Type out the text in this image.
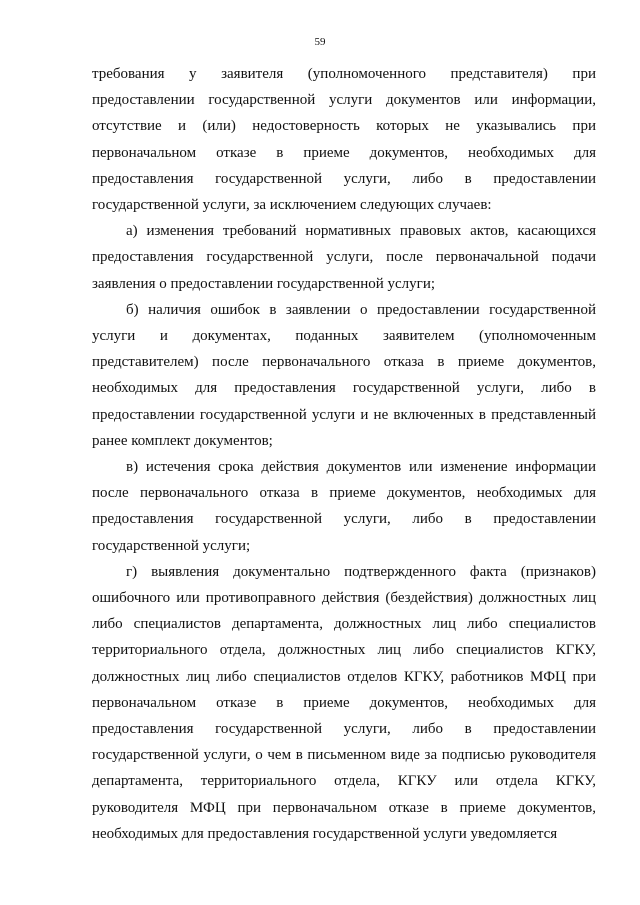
59

требования у заявителя (уполномоченного представителя) при предоставлении государственной услуги документов или информации, отсутствие и (или) недостоверность которых не указывались при первоначальном отказе в приеме документов, необходимых для предоставления государственной услуги, либо в предоставлении государственной услуги, за исключением следующих случаев:

а) изменения требований нормативных правовых актов, касающихся предоставления государственной услуги, после первоначальной подачи заявления о предоставлении государственной услуги;

б) наличия ошибок в заявлении о предоставлении государственной услуги и документах, поданных заявителем (уполномоченным представителем) после первоначального отказа в приеме документов, необходимых для предоставления государственной услуги, либо в предоставлении государственной услуги и не включенных в представленный ранее комплект документов;

в) истечения срока действия документов или изменение информации после первоначального отказа в приеме документов, необходимых для предоставления государственной услуги, либо в предоставлении государственной услуги;

г) выявления документально подтвержденного факта (признаков) ошибочного или противоправного действия (бездействия) должностных лиц либо специалистов департамента, должностных лиц либо специалистов территориального отдела, должностных лиц либо специалистов КГКУ, должностных лиц либо специалистов отделов КГКУ, работников МФЦ при первоначальном отказе в приеме документов, необходимых для предоставления государственной услуги, либо в предоставлении государственной услуги, о чем в письменном виде за подписью руководителя департамента, территориального отдела, КГКУ или отдела КГКУ, руководителя МФЦ при первоначальном отказе в приеме документов, необходимых для предоставления государственной услуги уведомляется
